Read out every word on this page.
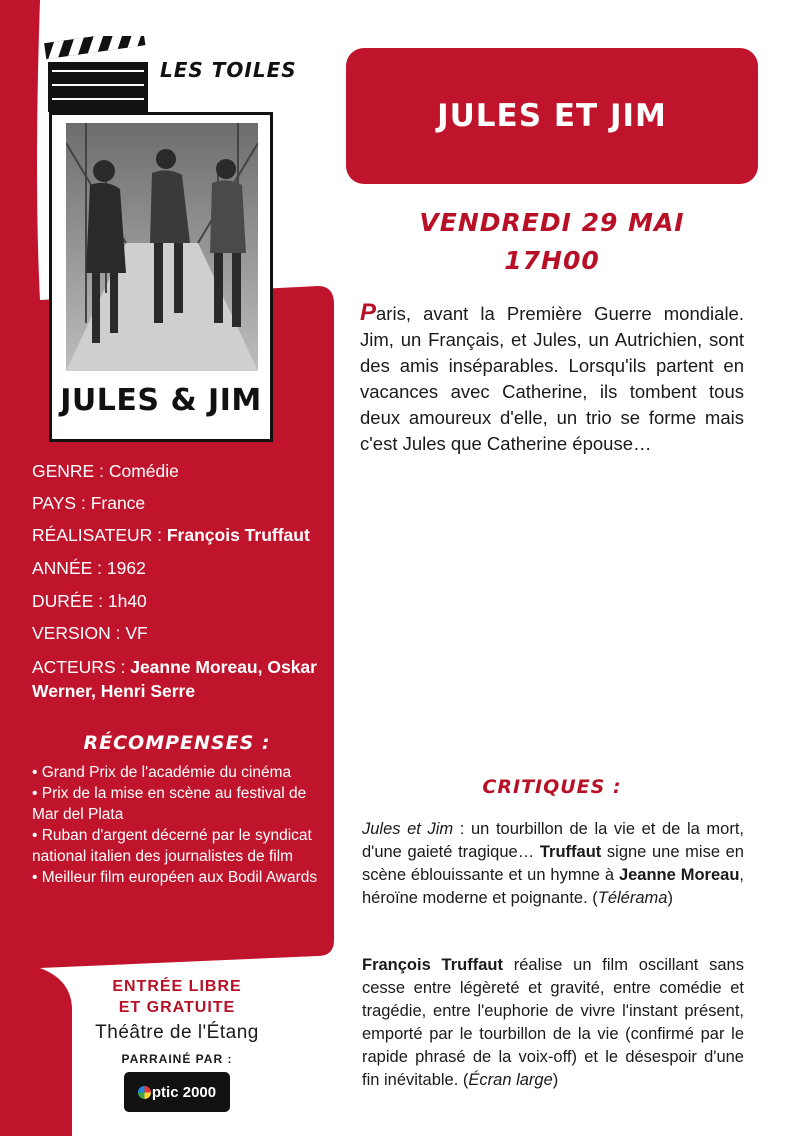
LES TOILES
JULES & JIM
JULES ET JIM
VENDREDI 29 MAI
17H00

Paris, avant la Première Guerre mondiale. Jim, un Français, et Jules, un Autrichien, sont des amis inséparables. Lorsqu'ils partent en vacances avec Catherine, ils tombent tous deux amoureux d'elle, un trio se forme mais c'est Jules que Catherine épouse…

GENRE : Comédie
PAYS : France
RÉALISATEUR : François Truffaut
ANNÉE : 1962
DURÉE : 1h40
VERSION : VF
ACTEURS : Jeanne Moreau, Oskar Werner, Henri Serre
RÉCOMPENSES :
• Grand Prix de l'académie du cinéma
• Prix de la mise en scène au festival de Mar del Plata
• Ruban d'argent décerné par le syndicat national italien des journalistes de film
• Meilleur film européen aux Bodil Awards
ENTRÉE LIBRE
ET GRATUITE
Théâtre de l'Étang
PARRAINÉ PAR :
ptic 2000
CRITIQUES :

Jules et Jim : un tourbillon de la vie et de la mort, d'une gaieté tragique… Truffaut signe une mise en scène éblouissante et un hymne à Jeanne Moreau, héroïne moderne et poignante. (Télérama)

François Truffaut réalise un film oscillant sans cesse entre légèreté et gravité, entre comédie et tragédie, entre l'euphorie de vivre l'instant présent, emporté par le tourbillon de la vie (confirmé par le rapide phrasé de la voix-off) et le désespoir d'une fin inévitable. (Écran large)
